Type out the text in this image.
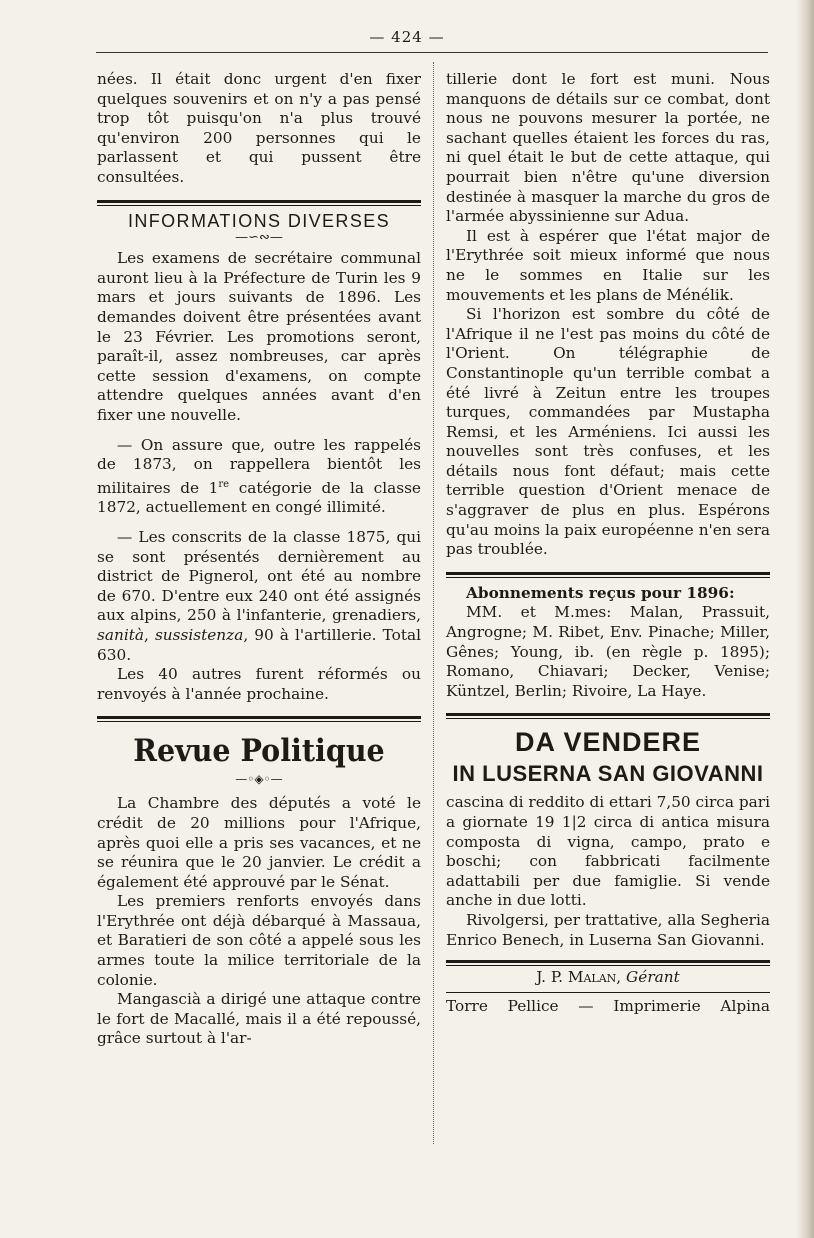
— 424 —

nées. Il était donc urgent d'en fixer quelques souvenirs et on n'y a pas pensé trop tôt puisqu'on n'a plus trouvé qu'environ 200 personnes qui le parlassent et qui pussent être consultées.

INFORMATIONS DIVERSES
—∽∾—

Les examens de secrétaire communal auront lieu à la Préfecture de Turin les 9 mars et jours suivants de 1896. Les demandes doivent être présentées avant le 23 Février. Les promotions seront, paraît-il, assez nombreuses, car après cette session d'examens, on compte attendre quelques années avant d'en fixer une nouvelle.

— On assure que, outre les rappelés de 1873, on rappellera bientôt les militaires de 1re catégorie de la classe 1872, actuellement en congé illimité.

— Les conscrits de la classe 1875, qui se sont présentés dernièrement au district de Pignerol, ont été au nombre de 670. D'entre eux 240 ont été assignés aux alpins, 250 à l'infanterie, grenadiers, sanità, sussistenza, 90 à l'artillerie. Total 630.

Les 40 autres furent réformés ou renvoyés à l'année prochaine.

Revue Politique
—◦◈◦—

La Chambre des députés a voté le crédit de 20 millions pour l'Afrique, après quoi elle a pris ses vacances, et ne se réunira que le 20 janvier. Le crédit a également été approuvé par le Sénat.

Les premiers renforts envoyés dans l'Erythrée ont déjà débarqué à Massaua, et Baratieri de son côté a appelé sous les armes toute la milice territoriale de la colonie.

Mangascià a dirigé une attaque contre le fort de Macallé, mais il a été repoussé, grâce surtout à l'ar-

tillerie dont le fort est muni. Nous manquons de détails sur ce combat, dont nous ne pouvons mesurer la portée, ne sachant quelles étaient les forces du ras, ni quel était le but de cette attaque, qui pourrait bien n'être qu'une diversion destinée à masquer la marche du gros de l'armée abyssinienne sur Adua.

Il est à espérer que l'état major de l'Erythrée soit mieux informé que nous ne le sommes en Italie sur les mouvements et les plans de Ménélik.

Si l'horizon est sombre du côté de l'Afrique il ne l'est pas moins du côté de l'Orient. On télégraphie de Constantinople qu'un terrible combat a été livré à Zeitun entre les troupes turques, commandées par Mustapha Remsi, et les Arméniens. Ici aussi les nouvelles sont très confuses, et les détails nous font défaut; mais cette terrible question d'Orient menace de s'aggraver de plus en plus. Espérons qu'au moins la paix européenne n'en sera pas troublée.

Abonnements reçus pour 1896:

MM. et M.mes: Malan, Prassuit, Angrogne; M. Ribet, Env. Pinache; Miller, Gênes; Young, ib. (en règle p. 1895); Romano, Chiavari; Decker, Venise; Küntzel, Berlin; Rivoire, La Haye.

DA VENDERE
IN LUSERNA SAN GIOVANNI

cascina di reddito di ettari 7,50 circa pari a giornate 19 1|2 circa di antica misura composta di vigna, campo, prato e boschi; con fabbricati facilmente adattabili per due famiglie. Si vende anche in due lotti.

Rivolgersi, per trattative, alla Segheria Enrico Benech, in Luserna San Giovanni.

J. P. Malan, Gérant
Torre Pellice — Imprimerie Alpina
